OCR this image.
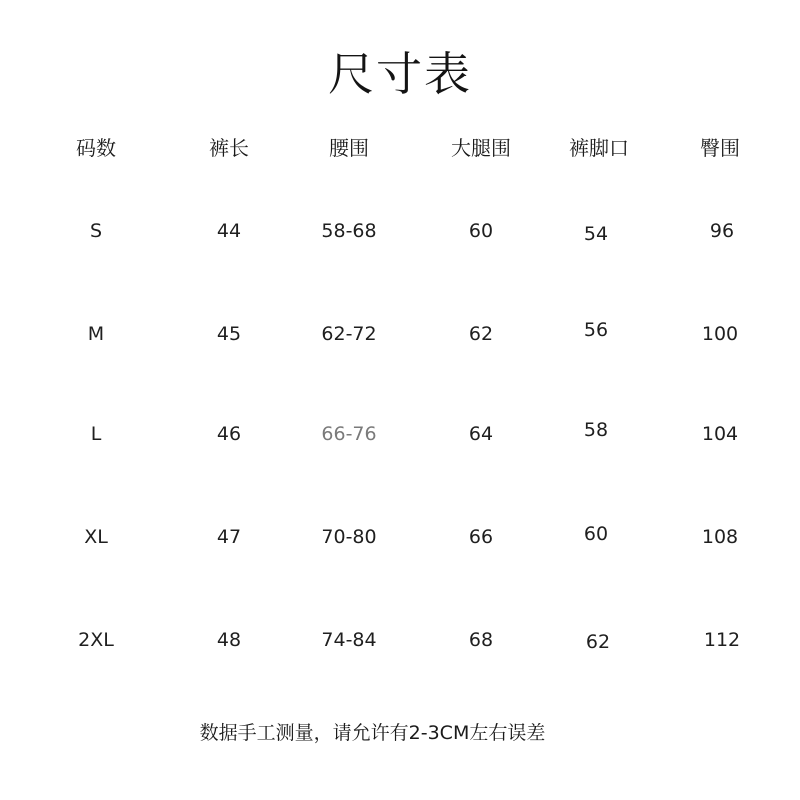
尺寸表
码数	裤长	腰围	大腿围	裤脚口	臀围
S	44	58-68	60	54	96
M	45	62-72	62	56	100
L	46	66-76	64	58	104
XL	47	70-80	66	60	108
2XL	48	74-84	68	62	112
数据手工测量，请允许有2-3CM左右误差
